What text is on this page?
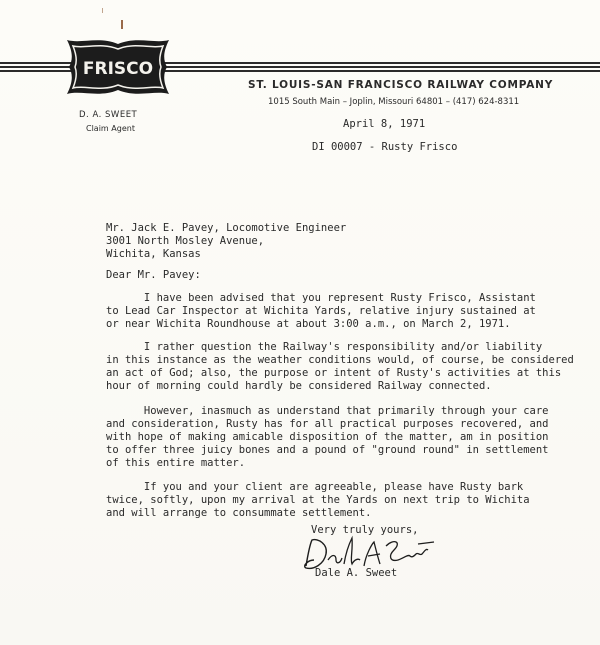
FRISCO
ST. LOUIS-SAN FRANCISCO RAILWAY COMPANY
1015 South Main – Joplin, Missouri 64801 – (417) 624-8311
D. A. SWEET
Claim Agent	April 8, 1971
DI 00007 - Rusty Frisco
Mr. Jack E. Pavey, Locomotive Engineer
3001 North Mosley Avenue,
Wichita, Kansas
Dear Mr. Pavey:
I have been advised that you represent Rusty Frisco, Assistant
to Lead Car Inspector at Wichita Yards, relative injury sustained at
or near Wichita Roundhouse at about 3:00 a.m., on March 2, 1971.
I rather question the Railway's responsibility and/or liability
in this instance as the weather conditions would, of course, be considered
an act of God; also, the purpose or intent of Rusty's activities at this
hour of morning could hardly be considered Railway connected.
However, inasmuch as understand that primarily through your care
and consideration, Rusty has for all practical purposes recovered, and
with hope of making amicable disposition of the matter, am in position
to offer three juicy bones and a pound of "ground round" in settlement
of this entire matter.
If you and your client are agreeable, please have Rusty bark
twice, softly, upon my arrival at the Yards on next trip to Wichita
and will arrange to consummate settlement.
Very truly yours,
Dale A. Sweet
